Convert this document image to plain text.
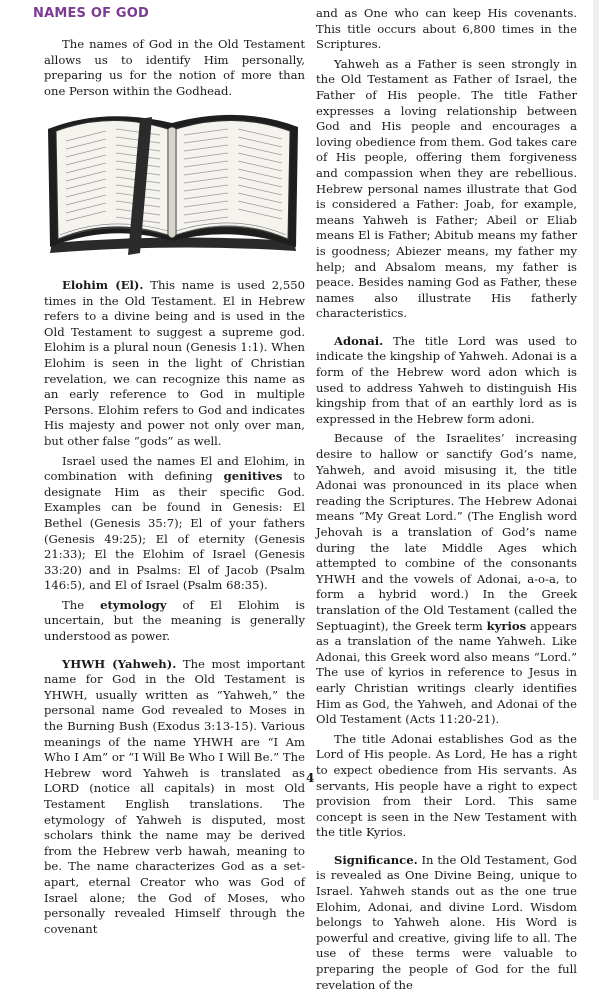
NAMES OF GOD

The names of God in the Old Testament allows us to identify Him personally, preparing us for the notion of more than one Person within the Godhead.

Elohim (El). This name is used 2,550 times in the Old Testament. El in Hebrew refers to a divine being and is used in the Old Testament to suggest a supreme god. Elohim is a plural noun (Genesis 1:1). When Elohim is seen in the light of Christian revelation, we can recognize this name as an early reference to God in multiple Persons. Elohim refers to God and indicates His majesty and power not only over man, but other false “gods” as well.

Israel used the names El and Elohim, in combination with defining genitives to designate Him as their specific God. Examples can be found in Genesis: El Bethel (Genesis 35:7); El of your fathers (Genesis 49:25); El of eternity (Genesis 21:33); El the Elohim of Israel (Genesis 33:20) and in Psalms: El of Jacob (Psalm 146:5), and El of Israel (Psalm 68:35).

The etymology of El Elohim is uncertain, but the meaning is generally understood as power.

YHWH (Yahweh). The most important name for God in the Old Testament is YHWH, usually written as “Yahweh,” the personal name God revealed to Moses in the Burning Bush (Exodus 3:13-15). Various meanings of the name YHWH are “I Am Who I Am” or “I Will Be Who I Will Be.” The Hebrew word Yahweh is translated as LORD (notice all capitals) in most Old Testament English translations. The etymology of Yahweh is disputed, most scholars think the name may be derived from the Hebrew verb hawah, meaning to be. The name characterizes God as a set-apart, eternal Creator who was God of Israel alone; the God of Moses, who personally revealed Himself through the covenant

and as One who can keep His covenants. This title occurs about 6,800 times in the Scriptures.

Yahweh as a Father is seen strongly in the Old Testament as Father of Israel, the Father of His people. The title Father expresses a loving relationship between God and His people and encourages a loving obedience from them. God takes care of His people, offering them forgiveness and compassion when they are rebellious. Hebrew personal names illustrate that God is considered a Father: Joab, for example, means Yahweh is Father; Abeil or Eliab means El is Father; Abitub means my father is goodness; Abiezer means, my father my help; and Absalom means, my father is peace. Besides naming God as Father, these names also illustrate His fatherly characteristics.

Adonai. The title Lord was used to indicate the kingship of Yahweh. Adonai is a form of the Hebrew word adon which is used to address Yahweh to distinguish His kingship from that of an earthly lord as is expressed in the Hebrew form adoni.

Because of the Israelites’ increasing desire to hallow or sanctify God’s name, Yahweh, and avoid misusing it, the title Adonai was pronounced in its place when reading the Scriptures. The Hebrew Adonai means “My Great Lord.” (The English word Jehovah is a translation of God’s name during the late Middle Ages which attempted to combine of the consonants YHWH and the vowels of Adonai, a-o-a, to form a hybrid word.) In the Greek translation of the Old Testament (called the Septuagint), the Greek term kyrios appears as a translation of the name Yahweh. Like Adonai, this Greek word also means “Lord.” The use of kyrios in reference to Jesus in early Christian writings clearly identifies Him as God, the Yahweh, and Adonai of the Old Testament (Acts 11:20-21).

The title Adonai establishes God as the Lord of His people. As Lord, He has a right to expect obedience from His servants. As servants, His people have a right to expect provision from their Lord. This same concept is seen in the New Testament with the title Kyrios.

Significance. In the Old Testament, God is revealed as One Divine Being, unique to Israel. Yahweh stands out as the one true Elohim, Adonai, and divine Lord. Wisdom belongs to Yahweh alone. His Word is powerful and creative, giving life to all. The use of these terms were valuable to preparing the people of God for the full revelation of the

4
